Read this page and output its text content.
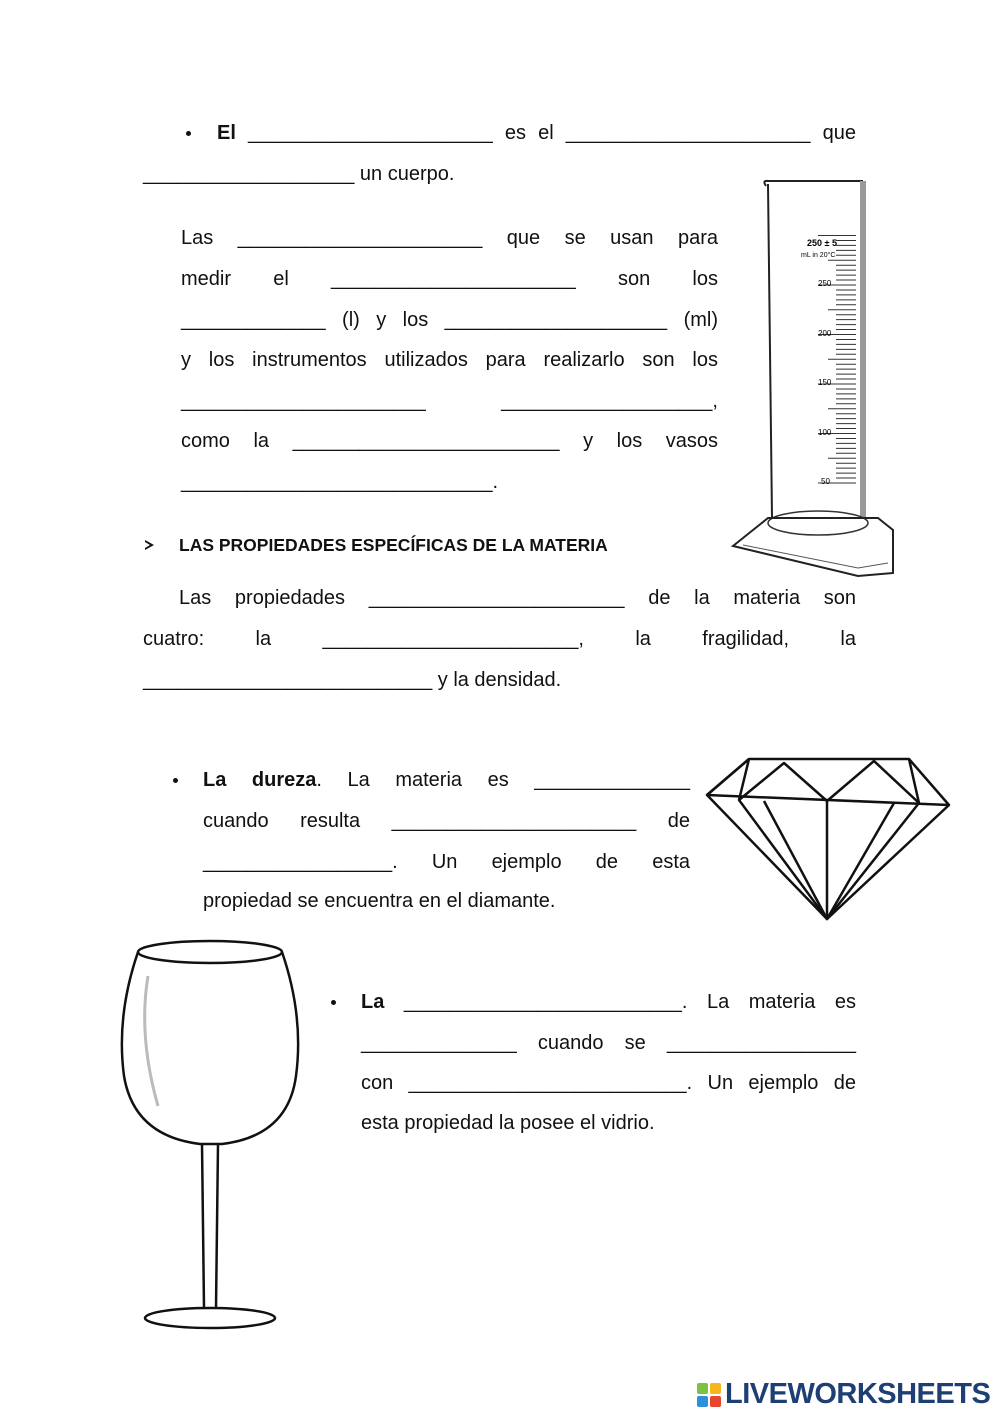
El ______________________ es el ______________________ que
___________________ un cuerpo.
Las ______________________ que se usan para
medir el ______________________ son los
_____________ (l) y los ____________________ (ml)
y los instrumentos utilizados para realizarlo son los
______________________ ___________________,
como la ________________________ y los vasos
____________________________.
250 ± 5
mL in 20°C
250
200
150
100
50
LAS PROPIEDADES ESPECÍFICAS DE LA MATERIA
Las propiedades _______________________ de la materia son
cuatro: la _______________________, la fragilidad, la
__________________________ y la densidad.
La dureza. La materia es ______________
cuando resulta ______________________ de
_________________. Un ejemplo de esta
propiedad se encuentra en el diamante.
La _________________________. La materia es
______________ cuando se _________________
con _________________________. Un ejemplo de
esta propiedad la posee el vidrio.
LIVEWORKSHEETS
